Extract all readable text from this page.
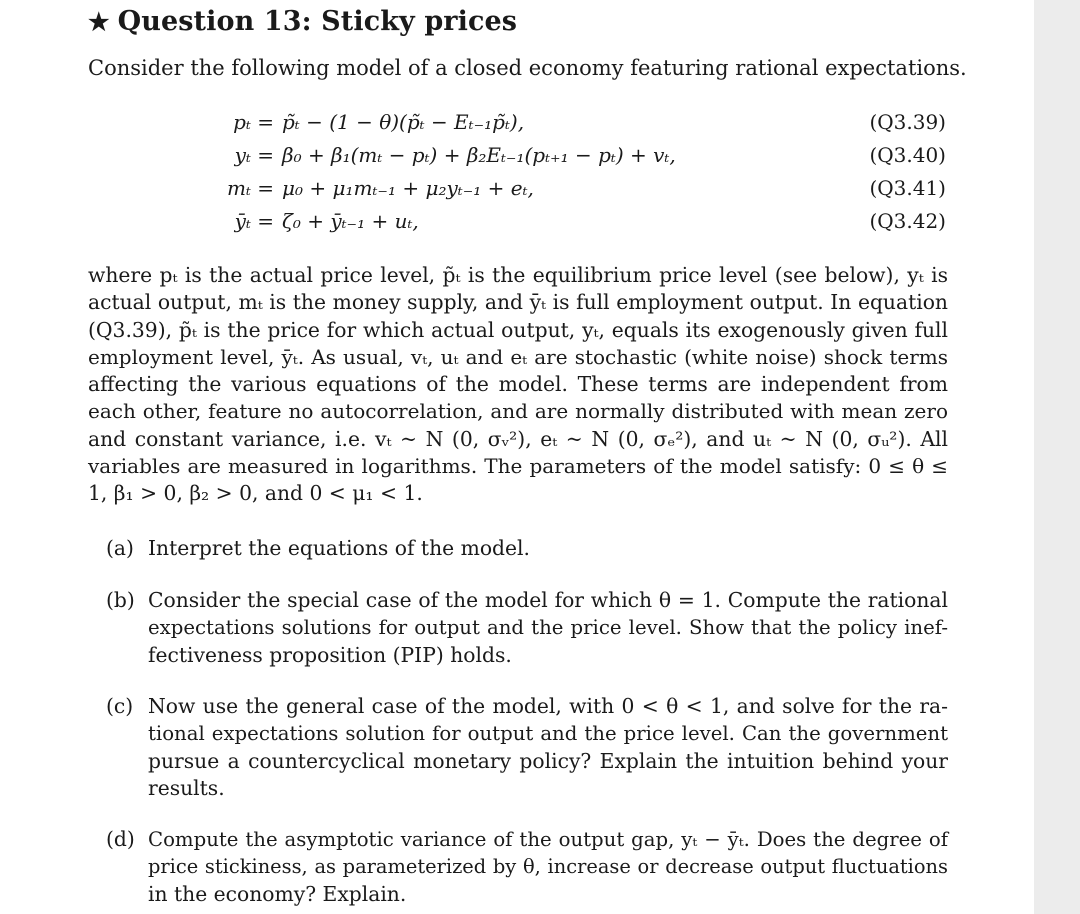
★ Question 13: Sticky prices
Consider the following model of a closed economy featuring rational expectations.
pₜ = p̃ₜ − (1 − θ)(p̃ₜ − Eₜ₋₁p̃ₜ),	(Q3.39)
yₜ = β₀ + β₁(mₜ − pₜ) + β₂Eₜ₋₁(pₜ₊₁ − pₜ) + vₜ,	(Q3.40)
mₜ = μ₀ + μ₁mₜ₋₁ + μ₂yₜ₋₁ + eₜ,	(Q3.41)
ȳₜ = ζ₀ + ȳₜ₋₁ + uₜ,	(Q3.42)
where pₜ is the actual price level, p̃ₜ is the equilibrium price level (see below), yₜ is
actual output, mₜ is the money supply, and ȳₜ is full employment output. In equation
(Q3.39), p̃ₜ is the price for which actual output, yₜ, equals its exogenously given full
employment level, ȳₜ. As usual, vₜ, uₜ and eₜ are stochastic (white noise) shock terms
affecting the various equations of the model. These terms are independent from
each other, feature no autocorrelation, and are normally distributed with mean zero
and constant variance, i.e. vₜ ~ N (0, σᵥ²), eₜ ~ N (0, σₑ²), and uₜ ~ N (0, σᵤ²). All
variables are measured in logarithms. The parameters of the model satisfy: 0 ≤ θ ≤
1, β₁ > 0, β₂ > 0, and 0 < μ₁ < 1.
(a) Interpret the equations of the model.
(b) Consider the special case of the model for which θ = 1. Compute the rational
expectations solutions for output and the price level. Show that the policy inef-
fectiveness proposition (PIP) holds.
(c) Now use the general case of the model, with 0 < θ < 1, and solve for the ra-
tional expectations solution for output and the price level. Can the government
pursue a countercyclical monetary policy? Explain the intuition behind your
results.
(d) Compute the asymptotic variance of the output gap, yₜ − ȳₜ. Does the degree of
price stickiness, as parameterized by θ, increase or decrease output fluctuations
in the economy? Explain.
